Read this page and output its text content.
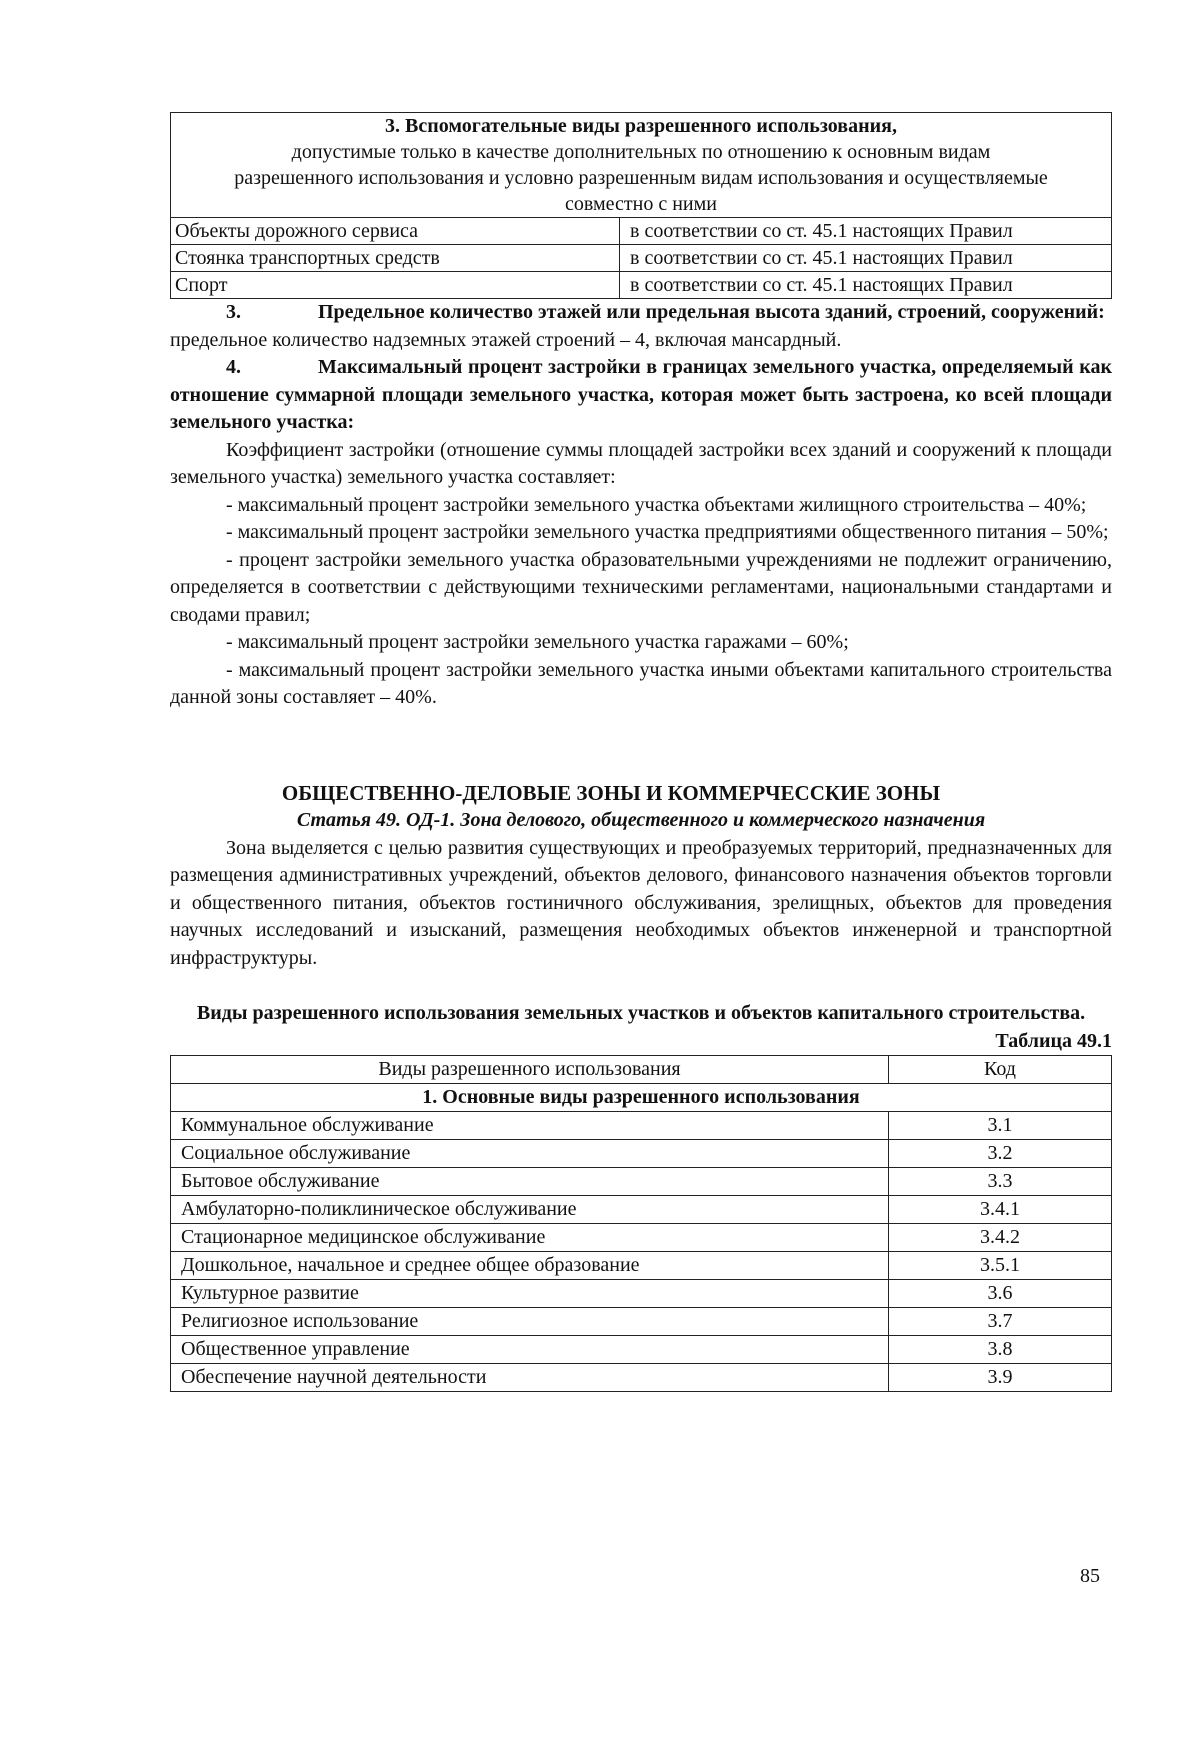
3. Вспомогательные виды разрешенного использования,
допустимые только в качестве дополнительных по отношению к основным видам разрешенного использования и условно разрешенным видам использования и осуществляемые совместно с ними	
Объекты дорожного сервиса	в соответствии со ст. 45.1 настоящих Правил
Стоянка транспортных средств	в соответствии со ст. 45.1 настоящих Правил
Спорт	в соответствии со ст. 45.1 настоящих Правил

3.	Предельное количество этажей или предельная высота зданий, строений, сооружений:

предельное количество надземных этажей строений – 4, включая мансардный.

4.	Максимальный процент застройки в границах земельного участка, определяемый как отношение суммарной площади земельного участка, которая может быть застроена, ко всей площади земельного участка:

Коэффициент застройки (отношение суммы площадей застройки всех зданий и сооружений к площади земельного участка) земельного участка составляет:

- максимальный процент застройки земельного участка объектами жилищного строительства – 40%;

- максимальный процент застройки земельного участка предприятиями общественного питания – 50%;

- процент застройки земельного участка образовательными учреждениями не подлежит ограничению, определяется в соответствии с действующими техническими регламентами, национальными стандартами и сводами правил;

- максимальный процент застройки земельного участка гаражами – 60%;

- максимальный процент застройки земельного участка иными объектами капитального строительства данной зоны составляет – 40%.

ОБЩЕСТВЕННО-ДЕЛОВЫЕ ЗОНЫ И КОММЕРЧЕССКИЕ ЗОНЫ

Статья 49. ОД-1. Зона делового, общественного и коммерческого назначения

Зона выделяется с целью развития существующих и преобразуемых территорий, предназначенных для размещения административных учреждений, объектов делового, финансового назначения объектов торговли и общественного питания, объектов гостиничного обслуживания, зрелищных, объектов для проведения научных исследований и изысканий, размещения необходимых объектов инженерной и транспортной инфраструктуры.

Виды разрешенного использования земельных участков и объектов капитального строительства.

Таблица 49.1

Виды разрешенного использования	Код
1. Основные виды разрешенного использования	
Коммунальное обслуживание	3.1
Социальное обслуживание	3.2
Бытовое обслуживание	3.3
Амбулаторно-поликлиническое обслуживание	3.4.1
Стационарное медицинское обслуживание	3.4.2
Дошкольное, начальное и среднее общее образование	3.5.1
Культурное развитие	3.6
Религиозное использование	3.7
Общественное управление	3.8
Обеспечение научной деятельности	3.9
85
